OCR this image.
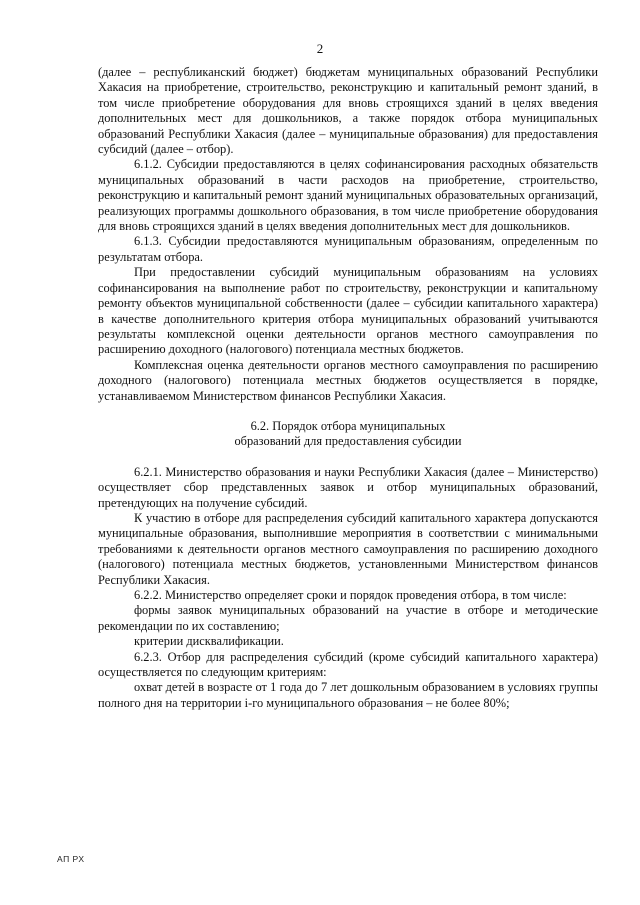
2

(далее – республиканский бюджет) бюджетам муниципальных образований Республики Хакасия на приобретение, строительство, реконструкцию и капитальный ремонт зданий, в том числе приобретение оборудования для вновь строящихся зданий в целях введения дополнительных мест для дошкольников, а также порядок отбора муниципальных образований Республики Хакасия (далее – муниципальные образования) для предоставления субсидий (далее – отбор).

6.1.2. Субсидии предоставляются в целях софинансирования расходных обязательств муниципальных образований в части расходов на приобретение, строительство, реконструкцию и капитальный ремонт зданий муниципальных образовательных организаций, реализующих программы дошкольного образования, в том числе приобретение оборудования для вновь строящихся зданий в целях введения дополнительных мест для дошкольников.

6.1.3. Субсидии предоставляются муниципальным образованиям, определенным по результатам отбора.

При предоставлении субсидий муниципальным образованиям на условиях софинансирования на выполнение работ по строительству, реконструкции и капитальному ремонту объектов муниципальной собственности (далее – субсидии капитального характера) в качестве дополнительного критерия отбора муниципальных образований учитываются результаты комплексной оценки деятельности органов местного самоуправления по расширению доходного (налогового) потенциала местных бюджетов.

Комплексная оценка деятельности органов местного самоуправления по расширению доходного (налогового) потенциала местных бюджетов осуществляется в порядке, устанавливаемом Министерством финансов Республики Хакасия.

6.2. Порядок отбора муниципальных
образований для предоставления субсидии

6.2.1. Министерство образования и науки Республики Хакасия (далее – Министерство) осуществляет сбор представленных заявок и отбор муниципальных образований, претендующих на получение субсидий.

К участию в отборе для распределения субсидий капитального характера допускаются муниципальные образования, выполнившие мероприятия в соответствии с минимальными требованиями к деятельности органов местного самоуправления по расширению доходного (налогового) потенциала местных бюджетов, установленными Министерством финансов Республики Хакасия.

6.2.2. Министерство определяет сроки и порядок проведения отбора, в том числе:

формы заявок муниципальных образований на участие в отборе и методические рекомендации по их составлению;

критерии дисквалификации.

6.2.3. Отбор для распределения субсидий (кроме субсидий капитального характера) осуществляется по следующим критериям:

охват детей в возрасте от 1 года до 7 лет дошкольным образованием в условиях группы полного дня на территории i-го муниципального образования – не более 80%;

АП РХ
